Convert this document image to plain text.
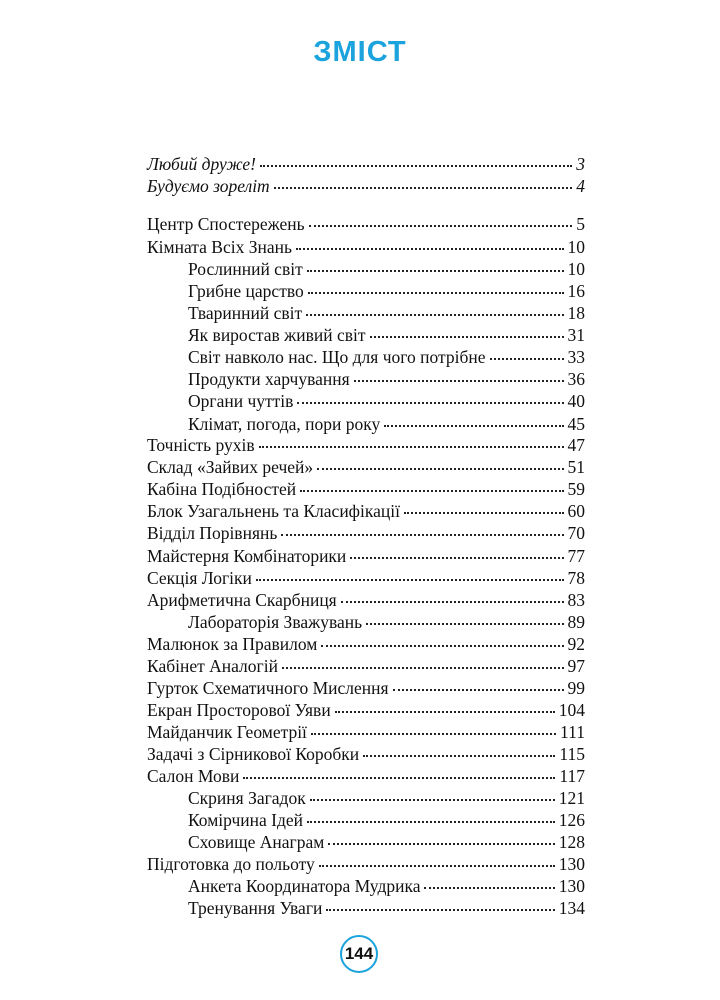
ЗМІСТ
Любий друже!	3
Будуємо зореліт	4
Центр Спостережень	5
Кімната Всіх Знань	10
Рослинний світ	10
Грибне царство	16
Тваринний світ	18
Як виростав живий світ	31
Світ навколо нас. Що для чого потрібне	33
Продукти харчування	36
Органи чуттів	40
Клімат, погода, пори року	45
Точність рухів	47
Склад «Зайвих речей»	51
Кабіна Подібностей	59
Блок Узагальнень та Класифікації	60
Відділ Порівнянь	70
Майстерня Комбінаторики	77
Секція Логіки	78
Арифметична Скарбниця	83
Лабораторія Зважувань	89
Малюнок за Правилом	92
Кабінет Аналогій	97
Гурток Схематичного Мислення	99
Екран Просторової Уяви	104
Майданчик Геометрії	111
Задачі з Сірникової Коробки	115
Салон Мови	117
Скриня Загадок	121
Комірчина Ідей	126
Сховище Анаграм	128
Підготовка до польоту	130
Анкета Координатора Мудрика	130
Тренування Уваги	134
144
